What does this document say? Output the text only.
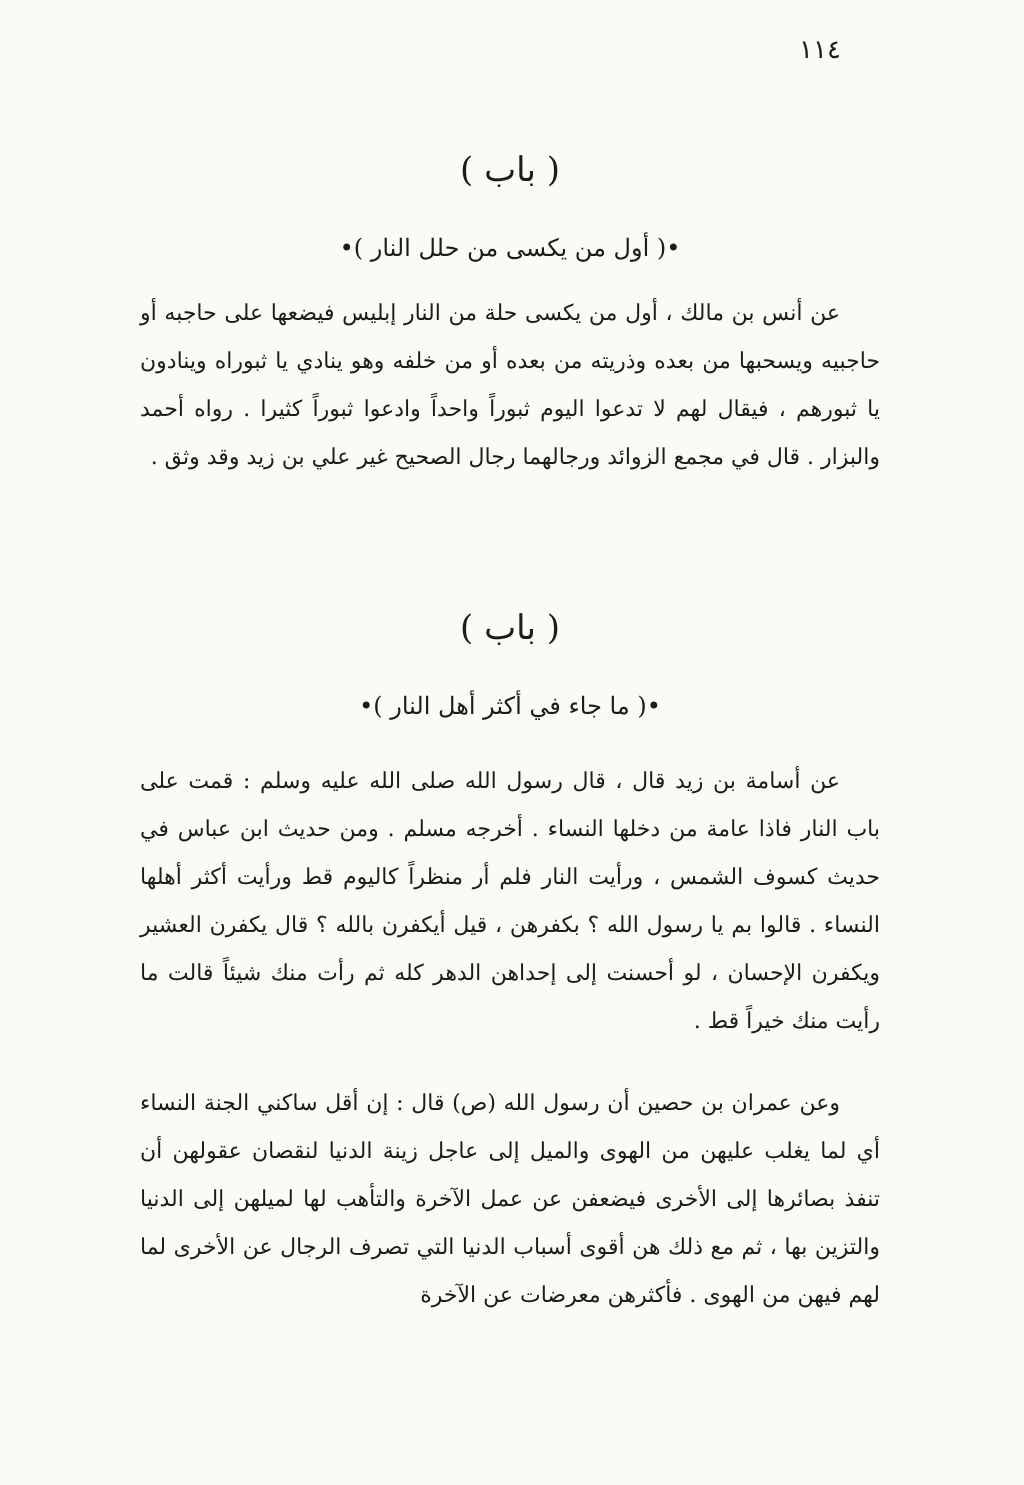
١١٤
( باب )
•( أول من يكسى من حلل النار )•

عن أنس بن مالك ، أول من يكسى حلة من النار إبليس فيضعها على حاجبه أو حاجبيه ويسحبها من بعده وذريته من بعده أو من خلفه وهو ينادي يا ثبوراه وينادون يا ثبورهم ، فيقال لهم لا تدعوا اليوم ثبوراً واحداً وادعوا ثبوراً كثيرا . رواه أحمد والبزار . قال في مجمع الزوائد ورجالهما رجال الصحيح غير علي بن زيد وقد وثق .

( باب )
•( ما جاء في أكثر أهل النار )•

عن أسامة بن زيد قال ، قال رسول الله صلى الله عليه وسلم : قمت على باب النار فاذا عامة من دخلها النساء . أخرجه مسلم . ومن حديث ابن عباس في حديث كسوف الشمس ، ورأيت النار فلم أر منظراً كاليوم قط ورأيت أكثر أهلها النساء . قالوا بم يا رسول الله ؟ بكفرهن ، قيل أيكفرن بالله ؟ قال يكفرن العشير ويكفرن الإحسان ، لو أحسنت إلى إحداهن الدهر كله ثم رأت منك شيئاً قالت ما رأيت منك خيراً قط .

وعن عمران بن حصين أن رسول الله (ص) قال : إن أقل ساكني الجنة النساء أي لما يغلب عليهن من الهوى والميل إلى عاجل زينة الدنيا لنقصان عقولهن أن تنفذ بصائرها إلى الأخرى فيضعفن عن عمل الآخرة والتأهب لها لميلهن إلى الدنيا والتزين بها ، ثم مع ذلك هن أقوى أسباب الدنيا التي تصرف الرجال عن الأخرى لما لهم فيهن من الهوى . فأكثرهن معرضات عن الآخرة
